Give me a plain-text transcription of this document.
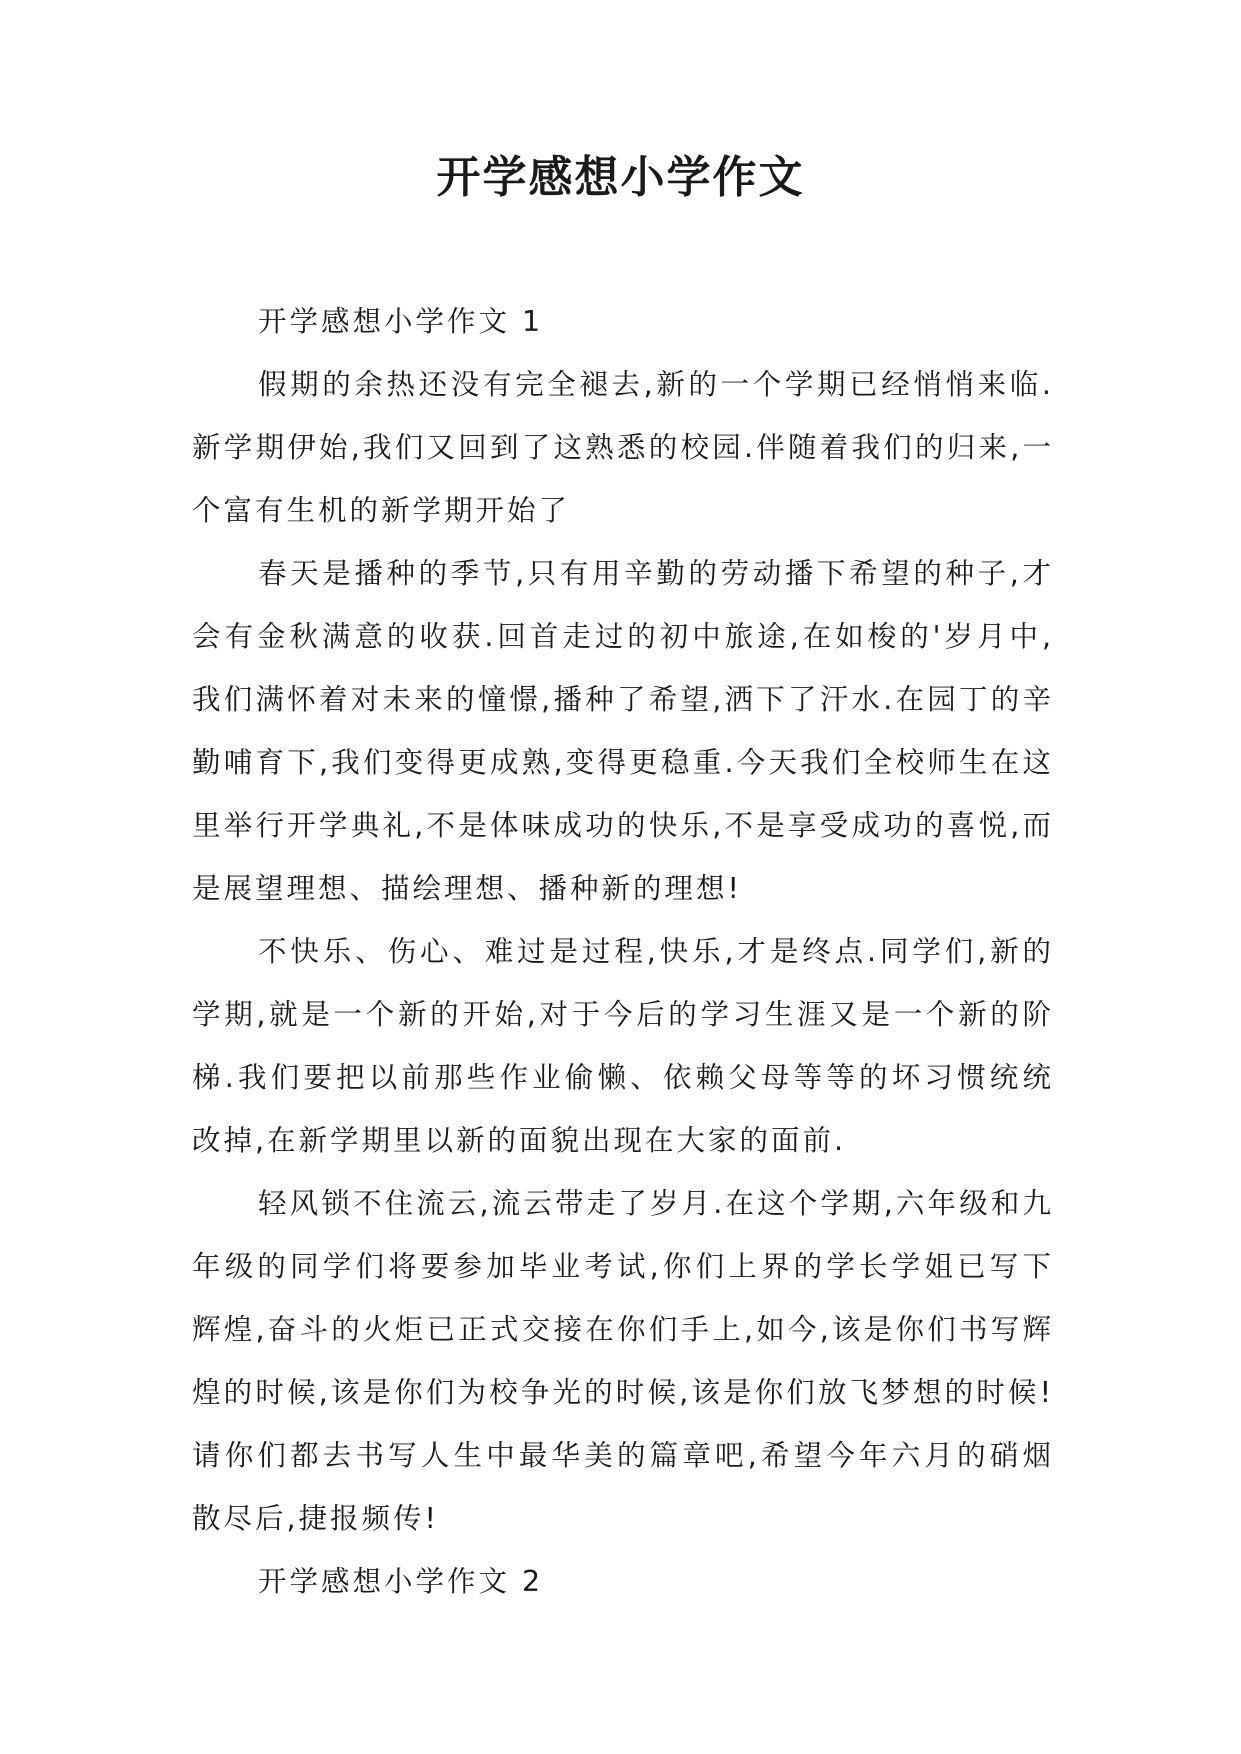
开学感想小学作文

开学感想小学作文 1

假期的余热还没有完全褪去,新的一个学期已经悄悄来临.新学期伊始,我们又回到了这熟悉的校园.伴随着我们的归来,一个富有生机的新学期开始了

春天是播种的季节,只有用辛勤的劳动播下希望的种子,才会有金秋满意的收获.回首走过的初中旅途,在如梭的'岁月中,我们满怀着对未来的憧憬,播种了希望,洒下了汗水.在园丁的辛勤哺育下,我们变得更成熟,变得更稳重.今天我们全校师生在这里举行开学典礼,不是体味成功的快乐,不是享受成功的喜悦,而是展望理想、描绘理想、播种新的理想!

不快乐、伤心、难过是过程,快乐,才是终点.同学们,新的学期,就是一个新的开始,对于今后的学习生涯又是一个新的阶梯.我们要把以前那些作业偷懒、依赖父母等等的坏习惯统统改掉,在新学期里以新的面貌出现在大家的面前.

轻风锁不住流云,流云带走了岁月.在这个学期,六年级和九年级的同学们将要参加毕业考试,你们上界的学长学姐已写下辉煌,奋斗的火炬已正式交接在你们手上,如今,该是你们书写辉煌的时候,该是你们为校争光的时候,该是你们放飞梦想的时候!请你们都去书写人生中最华美的篇章吧,希望今年六月的硝烟散尽后,捷报频传!

开学感想小学作文 2
